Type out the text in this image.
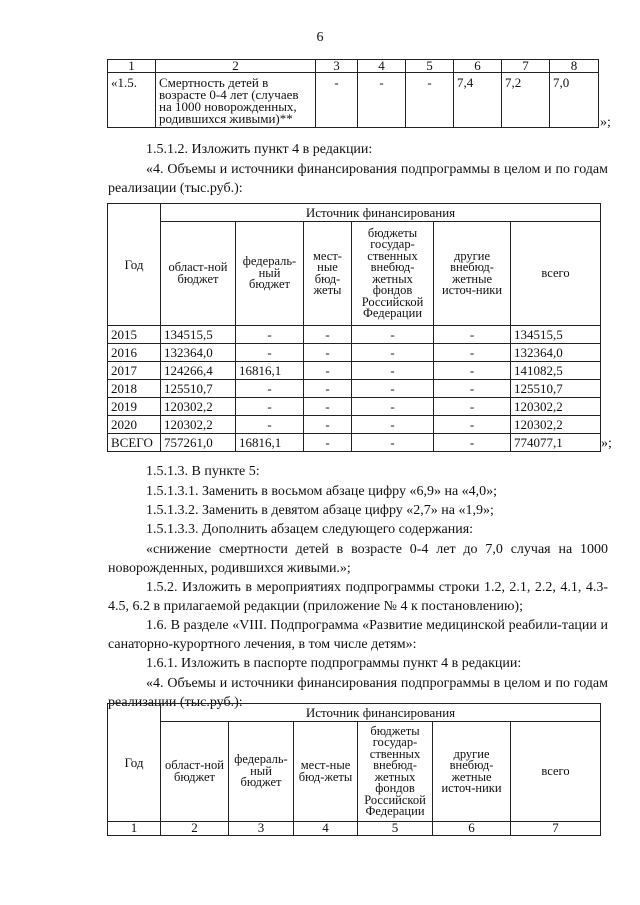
6
1	2	3	4	5	6	7	8
«1.5.	Смертность детей в возрасте 0-4 лет (случаев на 1000 новорожденных, родившихся живыми)**	-	-	-	7,4	7,2	7,0
»;

1.5.1.2. Изложить пункт 4 в редакции:

«4. Объемы и источники финансирования подпрограммы в целом и по годам реализации (тыс.руб.):

Год	Источник финансирования					
	област-ной бюджет	федераль-ный бюджет	мест-ные бюд-жеты	бюджеты государ-ственных внебюд-жетных фондов Российской Федерации	другие внебюд-жетные источ-ники	всего
2015	134515,5	-	-	-	-	134515,5
2016	132364,0	-	-	-	-	132364,0
2017	124266,4	16816,1	-	-	-	141082,5
2018	125510,7	-	-	-	-	125510,7
2019	120302,2	-	-	-	-	120302,2
2020	120302,2	-	-	-	-	120302,2
ВСЕГО	757261,0	16816,1	-	-	-	774077,1	»;

1.5.1.3. В пункте 5:

1.5.1.3.1. Заменить в восьмом абзаце цифру «6,9» на «4,0»;

1.5.1.3.2. Заменить в девятом абзаце цифру «2,7» на «1,9»;

1.5.1.3.3. Дополнить абзацем следующего содержания:

«снижение смертности детей в возрасте 0-4 лет до 7,0 случая на 1000 новорожденных, родившихся живыми.»;

1.5.2. Изложить в мероприятиях подпрограммы строки 1.2, 2.1, 2.2, 4.1, 4.3-4.5, 6.2 в прилагаемой редакции (приложение № 4 к постановлению);

1.6. В разделе «VIII. Подпрограмма «Развитие медицинской реабили-тации и санаторно-курортного лечения, в том числе детям»:

1.6.1. Изложить в паспорте подпрограммы пункт 4 в редакции:

«4. Объемы и источники финансирования подпрограммы в целом и по годам реализации (тыс.руб.):

Год	Источник финансирования					
	област-ной бюджет	федераль-ный бюджет	мест-ные бюд-жеты	бюджеты государ-ственных внебюд-жетных фондов Российской Федерации	другие внебюд-жетные источ-ники	всего
1	2	3	4	5	6	7
